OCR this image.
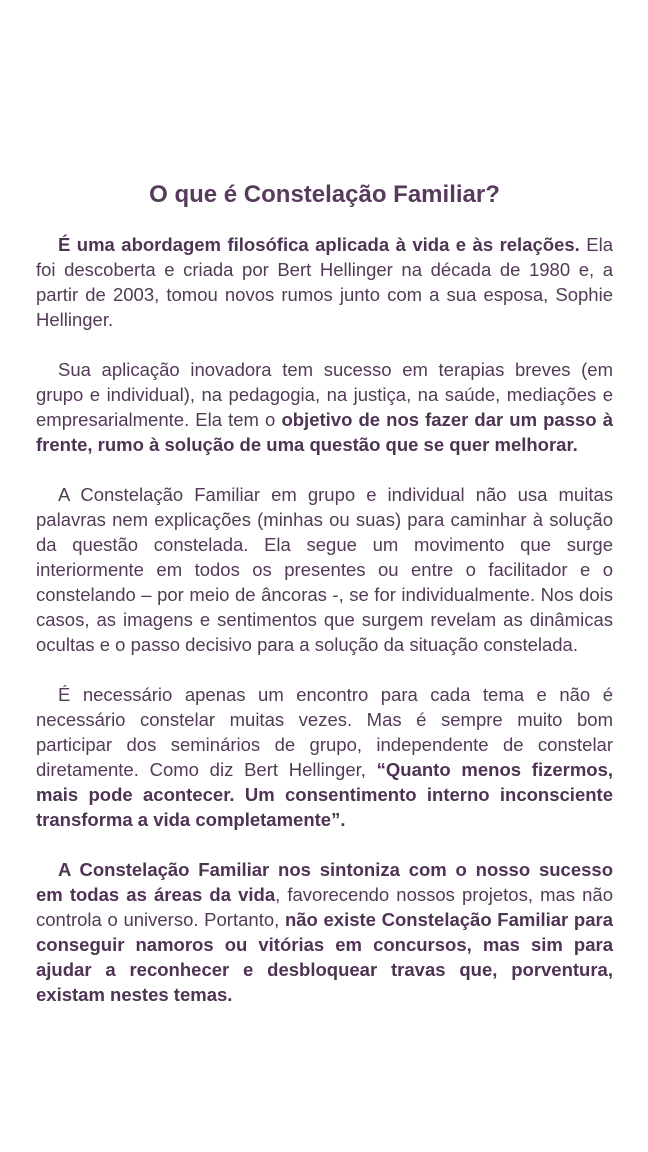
O que é Constelação Familiar?

É uma abordagem filosófica aplicada à vida e às relações. Ela foi descoberta e criada por Bert Hellinger na década de 1980 e, a partir de 2003, tomou novos rumos junto com a sua esposa, Sophie Hellinger.

Sua aplicação inovadora tem sucesso em terapias breves (em grupo e individual), na pedagogia, na justiça, na saúde, mediações e empresarialmente. Ela tem o objetivo de nos fazer dar um passo à frente, rumo à solução de uma questão que se quer melhorar.

A Constelação Familiar em grupo e individual não usa muitas palavras nem explicações (minhas ou suas) para caminhar à solução da questão constelada. Ela segue um movimento que surge interiormente em todos os presentes ou entre o facilitador e o constelando – por meio de âncoras -, se for individualmente. Nos dois casos, as imagens e sentimentos que surgem revelam as dinâmicas ocultas e o passo decisivo para a solução da situação constelada.

É necessário apenas um encontro para cada tema e não é necessário constelar muitas vezes. Mas é sempre muito bom participar dos seminários de grupo, independente de constelar diretamente. Como diz Bert Hellinger, “Quanto menos fizermos, mais pode acontecer. Um consentimento interno inconsciente transforma a vida completamente”.

A Constelação Familiar nos sintoniza com o nosso sucesso em todas as áreas da vida, favorecendo nossos projetos, mas não controla o universo. Portanto, não existe Constelação Familiar para conseguir namoros ou vitórias em concursos, mas sim para ajudar a reconhecer e desbloquear travas que, porventura, existam nestes temas.
